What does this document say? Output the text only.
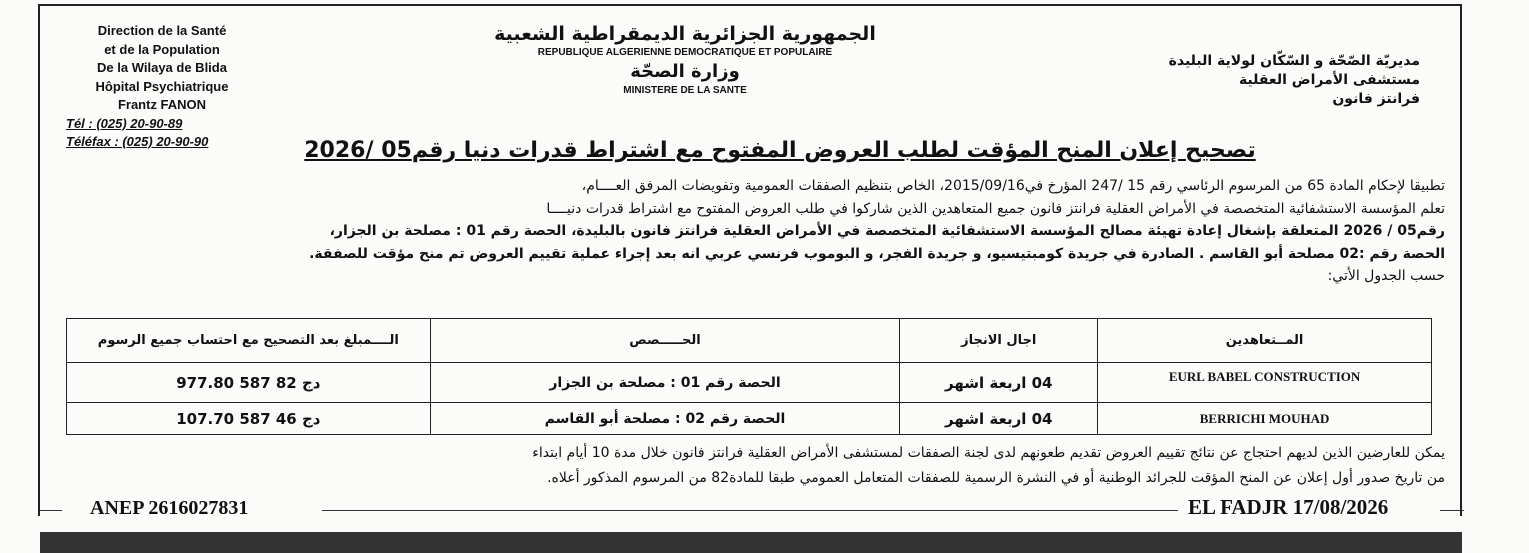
Direction de la Santé
et de la Population
De la Wilaya de Blida
Hôpital Psychiatrique
Frantz FANON
Tél : (025) 20-90-89
Téléfax : (025) 20-90-90
الجمهورية الجزائرية الديمقراطية الشعبية
REPUBLIQUE ALGERIENNE DEMOCRATIQUE ET POPULAIRE
وزارة الصحّة
MINISTERE DE LA SANTE
مديريّة الصّحّة و السّكّان لولاية البليدة
مستشفى الأمراض العقلية
فرانتز فانون
تصحيح إعلان المنح المؤقت لطلب العروض المفتوح مع اشتراط قدرات دنيا رقم05 /2026

تطبيقا لإحكام المادة 65 من المرسوم الرئاسي رقم 15 /247 المؤرخ في2015/09/16، الخاص بتنظيم الصفقات العمومية وتفويضات المرفق العــــام،

تعلم المؤسسة الاستشفائية المتخصصة في الأمراض العقلية فرانتز فانون جميع المتعاهدين الذين شاركوا في طلب العروض المفتوح مع اشتراط قدرات دنيــــا

رقم05 / 2026 المتعلقة بإشغال إعادة تهيئة مصالح المؤسسة الاستشفائية المتخصصة في الأمراض العقلية فرانتز فانون بالبليدة، الحصة رقم 01 : مصلحة بن الجزار،

الحصة رقم :02 مصلحة أبو القاسم . الصادرة في جريدة كومبتيسيو، و جريدة الفجر، و البوموب فرنسي عربي انه بعد إجراء عملية تقييم العروض تم منح مؤقت للصفقة.

حسب الجدول الأتي:

الــــمبلغ بعد التصحيح مع احتساب جميع الرسوم	الحـــــصص	اجال الانجاز	المــتعاهدين
دج 82 587 977.80	الحصة رقم 01 : مصلحة بن الجزار	04 اربعة اشهر	EURL BABEL CONSTRUCTION
دج 46 587 107.70	الحصة رقم 02 : مصلحة أبو القاسم	04 اربعة اشهر	BERRICHI MOUHAD

يمكن للعارضين الذين لديهم احتجاج عن نتائج تقييم العروض تقديم طعونهم لدى لجنة الصفقات لمستشفى الأمراض العقلية فرانتز فانون خلال مدة 10 أيام ابتداء

من تاريخ صدور أول إعلان عن المنح المؤقت للجرائد الوطنية أو في النشرة الرسمية للصفقات المتعامل العمومي طبقا للمادة82 من المرسوم المذكور أعلاه.

ANEP 2616027831	EL FADJR 17/08/2026
